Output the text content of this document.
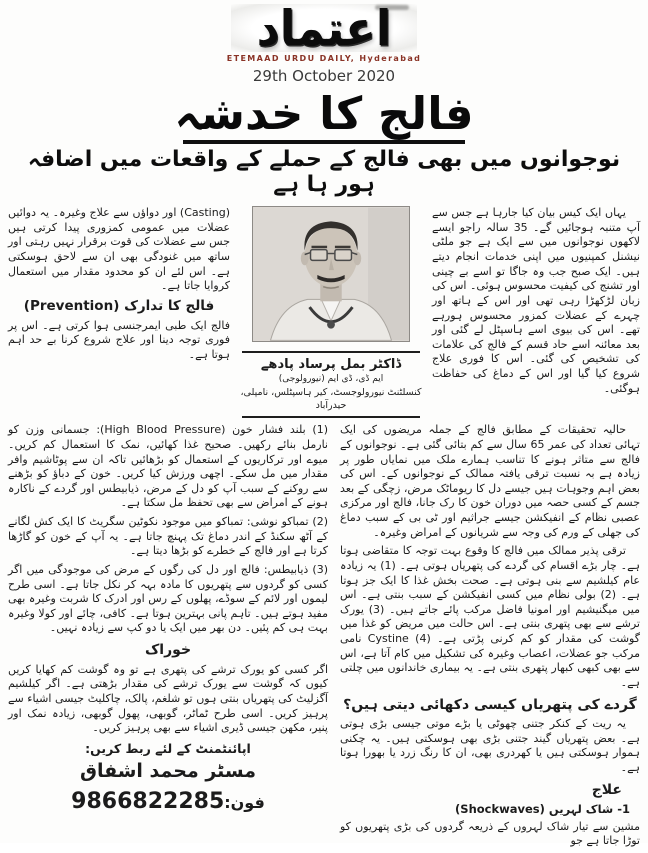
اعتماد
ETEMAAD URDU DAILY, Hyderabad
29th October 2020
فالج کا خدشہ
نوجوانوں میں بھی فالج کے حملے کے واقعات میں اضافہ ہور ہا ہے

یہاں ایک کیس بیان کیا جارہا ہے جس سے آپ متنبہ ہوجائیں گے۔ 35 سالہ راجو ایسے لاکھوں نوجوانوں میں سے ایک ہے جو ملٹی نیشنل کمپنیوں میں اپنی خدمات انجام دیتے ہیں۔ ایک صبح جب وہ جاگا تو اسے بے چینی اور تشنج کی کیفیت محسوس ہوئی۔ اس کی زبان لڑکھڑا رہی تھی اور اس کے ہاتھ اور چہرے کے عضلات کمزور محسوس ہورہے تھے۔ اس کی بیوی اسے ہاسپٹل لے گئی اور بعد معائنہ اسے حاد قسم کے فالج کی علامات کی تشخیص کی گئی۔ اس کا فوری علاج شروع کیا گیا اور اس کے دماغ کی حفاظت ہوگئی۔

ڈاکٹر بمل پرساد پادھے
ایم ڈی، ڈی ایم (نیورولوجی)
کنسلٹنٹ نیورولوجسٹ، کیر ہاسپٹلس، نامپلی، حیدرآباد

(Casting) اور دواؤں سے علاج وغیرہ۔ یہ دوائیں عضلات میں عمومی کمزوری پیدا کرتی ہیں جس سے عضلات کی قوت برقرار نہیں رہتی اور ساتھ میں غنودگی بھی ان سے لاحق ہوسکتی ہے۔ اس لئے ان کو محدود مقدار میں استعمال کروایا جاتا ہے۔

فالج کا تدارک (Prevention)

فالج ایک طبی ایمرجنسی ہوا کرتی ہے۔ اس پر فوری توجہ دینا اور علاج شروع کرنا بے حد اہم ہوتا ہے۔

حالیہ تحقیقات کے مطابق فالج کے جملہ مریضوں کی ایک تہائی تعداد کی عمر 65 سال سے کم بتائی گئی ہے۔ نوجوانوں کے فالج سے متاثر ہونے کا تناسب ہمارے ملک میں نمایاں طور پر زیادہ ہے بہ نسبت ترقی یافتہ ممالک کے نوجوانوں کے۔ اس کی بعض اہم وجوہات ہیں جیسے دل کا ریوماٹک مرض، زچگی کے بعد جسم کے کسی حصہ میں دوران خون کا رک جانا، فالج اور مرکزی عصبی نظام کے انفیکشن جیسے جراثیم اور ٹی بی کے سبب دماغ کی جھلی کے ورم کی وجہ سے شریانوں کے امراض وغیرہ۔

ترقی پذیر ممالک میں فالج کا وقوع بہت توجہ کا متقاضی ہوتا ہے۔ چار بڑے اقسام کی گردے کی پتھریاں ہوتی ہے۔ (1) یہ زیادہ عام کیلشیم سے بنی ہوتی ہے۔ صحت بخش غذا کا ایک جز ہوتا ہے۔ (2) بولی نظام میں کسی انفیکشن کے سبب بنتی ہے۔ اس میں میگنیشیم اور امونیا فاضل مرکب پائے جاتے ہیں۔ (3) یورک ترشے سے بھی پتھری بنتی ہے۔ اس حالت میں مریض کو غذا میں گوشت کی مقدار کو کم کرنی پڑتی ہے۔ (4) Cystine نامی مرکب جو عضلات، اعصاب وغیرہ کی تشکیل میں کام آتا ہے، اس سے بھی کبھی کبھار پتھری بنتی ہے۔ یہ بیماری خاندانوں میں چلتی ہے۔

گردے کی پتھریاں کیسی دکھائی دیتی ہیں؟

یہ ریت کے کنکر جتنی چھوٹی یا بڑے موتی جیسی بڑی ہوتی ہے۔ بعض پتھریاں گیند جتنی بڑی بھی ہوسکتی ہیں۔ یہ چکنی ہموار ہوسکتی ہیں یا کھردری بھی، ان کا رنگ زرد یا بھورا ہوتا ہے۔

علاج
1- شاک لہریں (Shockwaves)

مشین سے تیار شاک لہروں کے ذریعہ گردوں کی بڑی پتھریوں کو توڑا جاتا ہے جو

(1) بلند فشار خون (High Blood Pressure): جسمانی وزن کو نارمل بنائے رکھیں۔ صحیح غذا کھائیں، نمک کا استعمال کم کریں۔ میوے اور ترکاریوں کے استعمال کو بڑھائیں تاکہ ان سے پوٹاشیم وافر مقدار میں مل سکے۔ اچھی ورزش کیا کریں۔ خون کے دباؤ کو بڑھنے سے روکنے کے سبب آپ کو دل کے مرض، ذیابیطس اور گردے کے ناکارہ ہونے کے امراض سے بھی تحفظ مل سکتا ہے۔

(2) تمباکو نوشی: تمباکو میں موجود نکوٹین سگریٹ کا ایک کش لگانے کے آٹھ سکنڈ کے اندر دماغ تک پہنچ جاتا ہے۔ یہ آپ کے خون کو گاڑھا کرتا ہے اور فالج کے خطرے کو بڑھا دیتا ہے۔

(3) ذیابیطس: فالج اور دل کی رگوں کے مرض کی موجودگی میں اگر کسی کو گردوں سے پتھریوں کا مادہ بہہ کر نکل جاتا ہے۔ اسی طرح لیموں اور لائم کے سوڈے، پھلوں کے رس اور ادرک کا شربت وغیرہ بھی مفید ہوتے ہیں۔ تاہم پانی بہترین ہوتا ہے۔ کافی، چائے اور کولا وغیرہ بہت ہی کم پئیں۔ دن بھر میں ایک یا دو کپ سے زیادہ نہیں۔

خوراک

اگر کسی کو یورک ترشے کی پتھری ہے تو وہ گوشت کم کھایا کریں کیوں کہ گوشت سے یورک ترشے کی مقدار بڑھتی ہے۔ اگر کیلشیم آگزلیٹ کی پتھریاں بنتی ہوں تو شلغم، پالک، چاکلیٹ جیسی اشیاء سے پرہیز کریں۔ اسی طرح ٹماٹر، گوبھی، پھول گوبھی، زیادہ نمک اور پنیر، مکھن جیسی ڈیری اشیاء سے بھی پرہیز کریں۔

اپائنٹمنٹ کے لئے ربط کریں:
مسٹر محمد اشفاق
فون:9866822285
